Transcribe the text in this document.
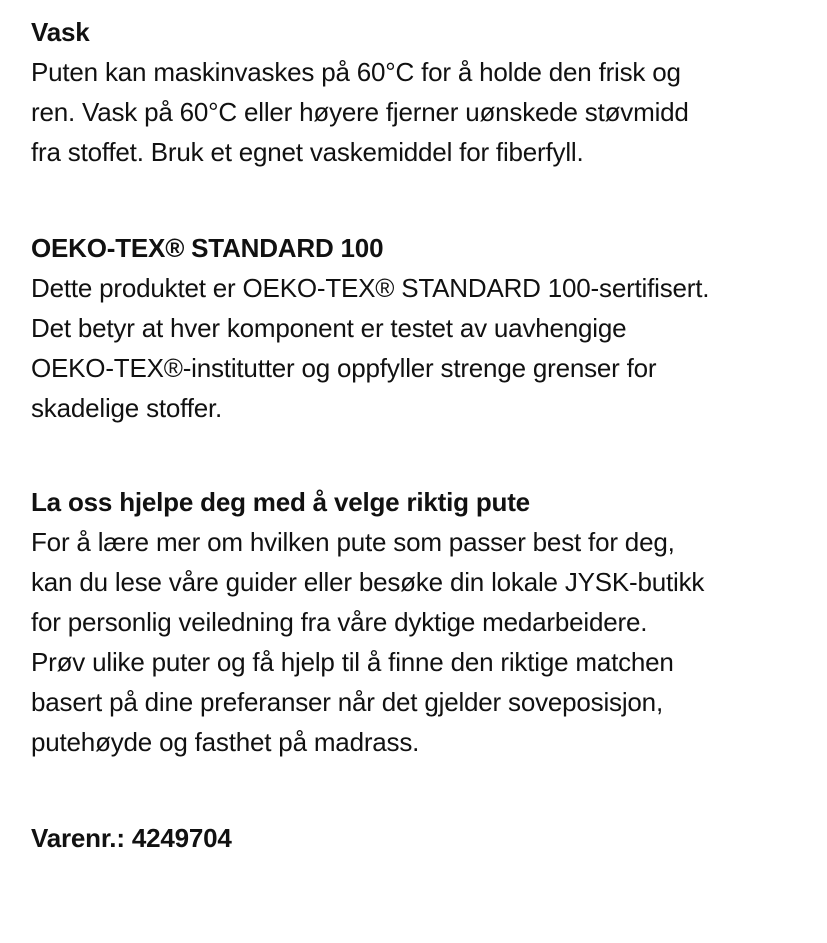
Vask

Puten kan maskinvaskes på 60°C for å holde den frisk og
ren. Vask på 60°C eller høyere fjerner uønskede støvmidd
fra stoffet. Bruk et egnet vaskemiddel for fiberfyll.

OEKO-TEX® STANDARD 100

Dette produktet er OEKO-TEX® STANDARD 100-sertifisert.
Det betyr at hver komponent er testet av uavhengige
OEKO-TEX®-institutter og oppfyller strenge grenser for
skadelige stoffer.

La oss hjelpe deg med å velge riktig pute

For å lære mer om hvilken pute som passer best for deg,
kan du lese våre guider eller besøke din lokale JYSK-butikk
for personlig veiledning fra våre dyktige medarbeidere.
Prøv ulike puter og få hjelp til å finne den riktige matchen
basert på dine preferanser når det gjelder soveposisjon,
putehøyde og fasthet på madrass.

Varenr.: 4249704
